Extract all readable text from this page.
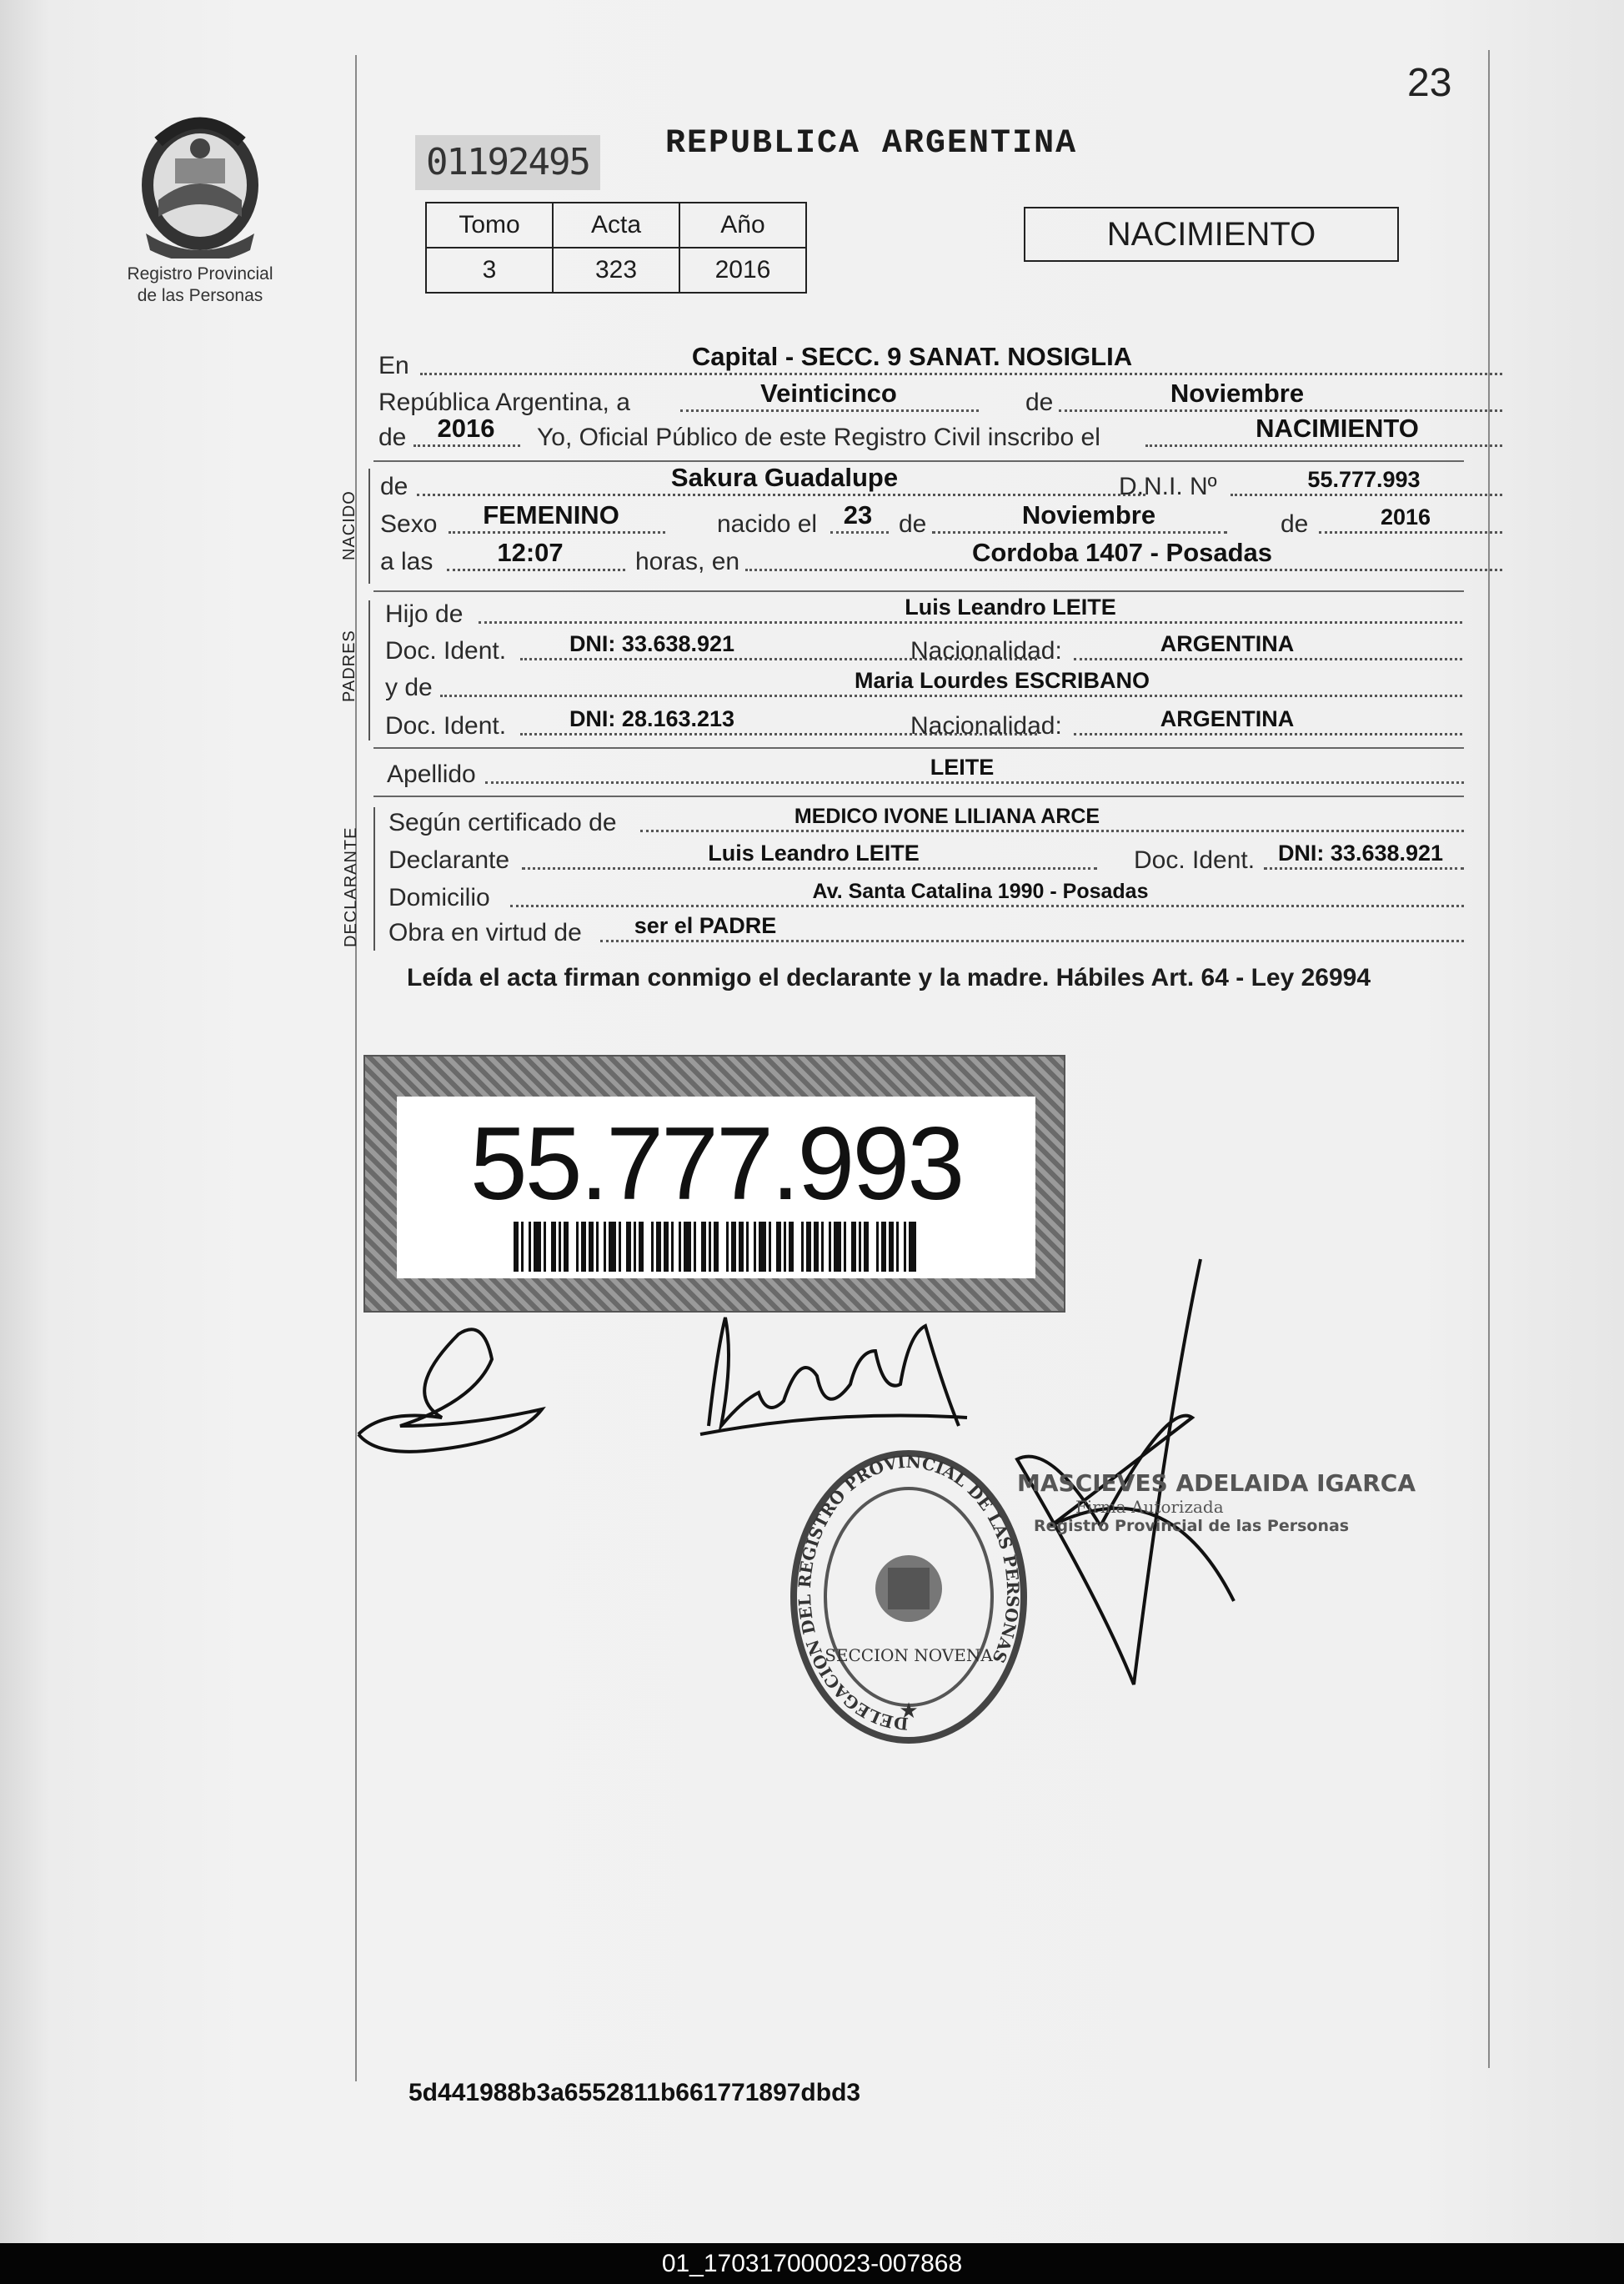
23
Registro Provincial
de las Personas
01192495	REPUBLICA ARGENTINA
Tomo	Acta	Año
3	323	2016
NACIMIENTO
En	Capital - SECC. 9 SANAT. NOSIGLIA
República Argentina, a	Veinticinco	de	Noviembre
de	2016	Yo, Oficial Público de este Registro Civil inscribo el	NACIMIENTO
NACIDO
de	Sakura Guadalupe	D.N.I. Nº	55.777.993
Sexo	FEMENINO	nacido el	23	de	Noviembre	de	2016
a las	12:07	horas, en	Cordoba 1407 - Posadas
PADRES
Hijo de	Luis Leandro LEITE
Doc. Ident.	DNI: 33.638.921	Nacionalidad:	ARGENTINA
y de	Maria Lourdes ESCRIBANO
Doc. Ident.	DNI: 28.163.213	Nacionalidad:	ARGENTINA
Apellido	LEITE
DECLARANTE
Según certificado de	MEDICO IVONE LILIANA ARCE
Declarante	Luis Leandro LEITE	Doc. Ident.	DNI: 33.638.921
Domicilio	Av. Santa Catalina 1990 - Posadas
Obra en virtud de	ser el PADRE
Leída el acta firman conmigo el declarante y la madre. Hábiles Art. 64 - Ley 26994
55.777.993
DELEGACION DEL REGISTRO PROVINCIAL DE LAS PERSONAS
SECCION NOVENA
★
MASCIEVES ADELAIDA IGARCA
Firma Autorizada
Registro Provincial de las Personas
5d441988b3a6552811b661771897dbd3
01_170317000023-007868
